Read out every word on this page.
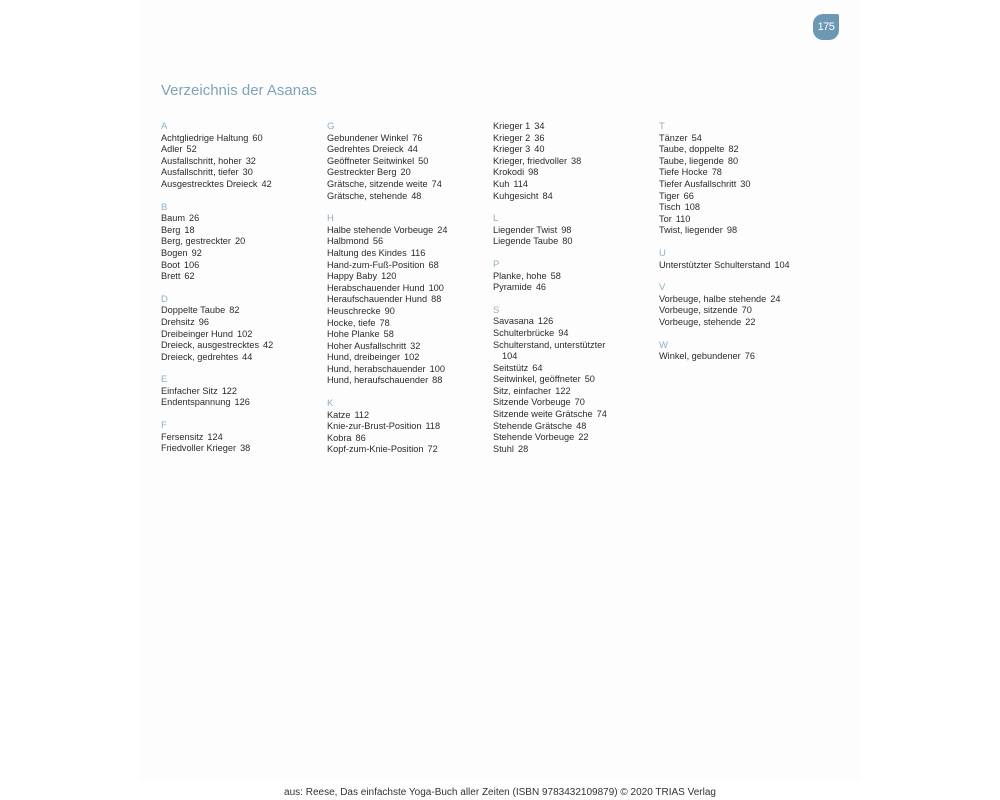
175
Verzeichnis der Asanas
A
Achtgliedrige Haltung 60
Adler 52
Ausfallschritt, hoher 32
Ausfallschritt, tiefer 30
Ausgestrecktes Dreieck 42
B
Baum 26
Berg 18
Berg, gestreckter 20
Bogen 92
Boot 106
Brett 62
D
Doppelte Taube 82
Drehsitz 96
Dreibeinger Hund 102
Dreieck, ausgestrecktes 42
Dreieck, gedrehtes 44
E
Einfacher Sitz 122
Endentspannung 126
F
Fersensitz 124
Friedvoller Krieger 38
G
Gebundener Winkel 76
Gedrehtes Dreieck 44
Geöffneter Seitwinkel 50
Gestreckter Berg 20
Grätsche, sitzende weite 74
Grätsche, stehende 48
H
Halbe stehende Vorbeuge 24
Halbmond 56
Haltung des Kindes 116
Hand-zum-Fuß-Position 68
Happy Baby 120
Herabschauender Hund 100
Heraufschauender Hund 88
Heuschrecke 90
Hocke, tiefe 78
Hohe Planke 58
Hoher Ausfallschritt 32
Hund, dreibeinger 102
Hund, herabschauender 100
Hund, heraufschauender 88
K
Katze 112
Knie-zur-Brust-Position 118
Kobra 86
Kopf-zum-Knie-Position 72
Krieger 1 34
Krieger 2 36
Krieger 3 40
Krieger, friedvoller 38
Krokodi 98
Kuh 114
Kuhgesicht 84
L
Liegender Twist 98
Liegende Taube 80
P
Planke, hohe 58
Pyramide 46
S
Savasana 126
Schulterbrücke 94
Schulterstand, unterstützter
104
Seitstütz 64
Seitwinkel, geöffneter 50
Sitz, einfacher 122
Sitzende Vorbeuge 70
Sitzende weite Grätsche 74
Stehende Grätsche 48
Stehende Vorbeuge 22
Stuhl 28
T
Tänzer 54
Taube, doppelte 82
Taube, liegende 80
Tiefe Hocke 78
Tiefer Ausfallschritt 30
Tiger 66
Tisch 108
Tor 110
Twist, liegender 98
U
Unterstützter Schulterstand 104
V
Vorbeuge, halbe stehende 24
Vorbeuge, sitzende 70
Vorbeuge, stehende 22
W
Winkel, gebundener 76
aus: Reese, Das einfachste Yoga-Buch aller Zeiten (ISBN 9783432109879) © 2020 TRIAS Verlag
